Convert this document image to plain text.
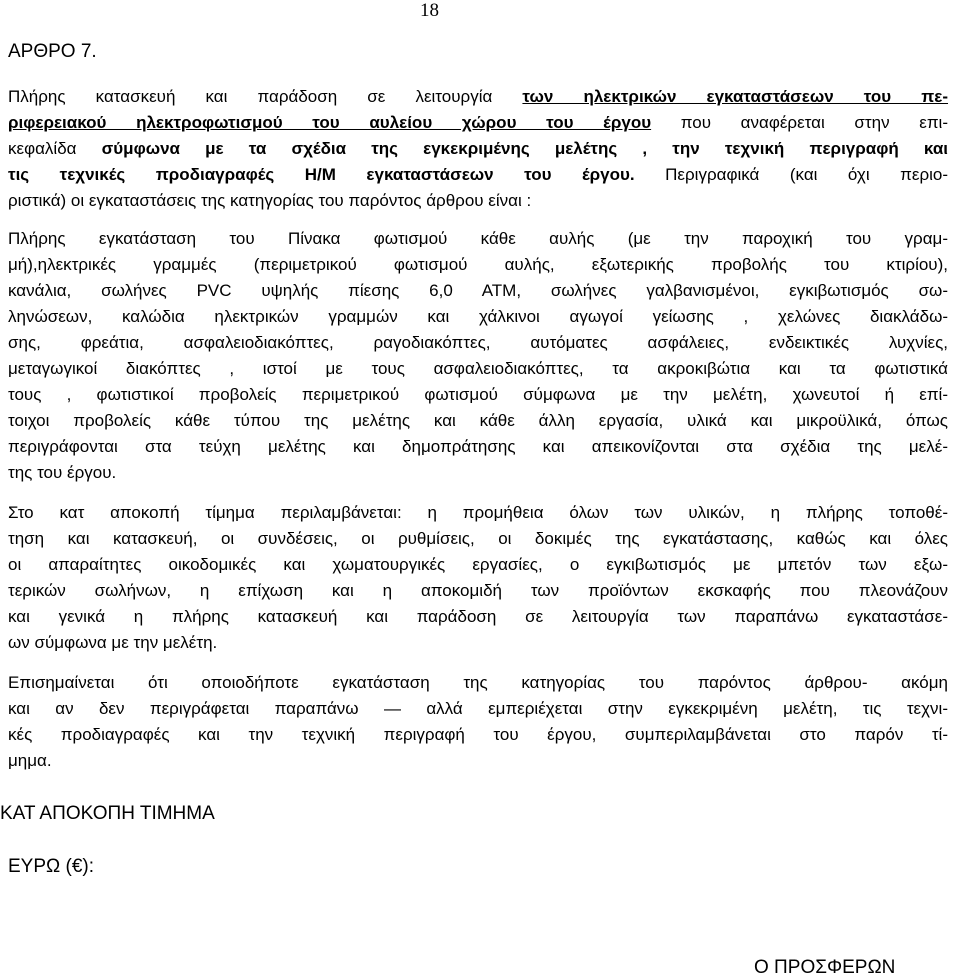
18
ΑΡΘΡΟ 7.
Πλήρης κατασκευή και παράδοση σε λειτουργία των ηλεκτρικών εγκαταστάσεων του πε-
ριφερειακού ηλεκτροφωτισμού του αυλείου χώρου του έργου που αναφέρεται στην επι-
κεφαλίδα σύμφωνα με τα σχέδια της εγκεκριμένης μελέτης , την τεχνική περιγραφή και
τις τεχνικές προδιαγραφές Η/Μ εγκαταστάσεων του έργου. Περιγραφικά (και όχι περιο-
ριστικά) οι εγκαταστάσεις της κατηγορίας του παρόντος άρθρου είναι :
Πλήρης εγκατάσταση του Πίνακα φωτισμού κάθε αυλής (με την παροχική του γραμ-
μή),ηλεκτρικές γραμμές (περιμετρικού φωτισμού αυλής, εξωτερικής προβολής του κτιρίου),
κανάλια, σωλήνες PVC υψηλής πίεσης 6,0 ΑΤΜ, σωλήνες γαλβανισμένοι, εγκιβωτισμός σω-
ληνώσεων, καλώδια ηλεκτρικών γραμμών και χάλκινοι αγωγοί γείωσης , χελώνες διακλάδω-
σης, φρεάτια, ασφαλειοδιακόπτες, ραγοδιακόπτες, αυτόματες ασφάλειες, ενδεικτικές λυχνίες,
μεταγωγικοί διακόπτες , ιστοί με τους ασφαλειοδιακόπτες, τα ακροκιβώτια και τα φωτιστικά
τους , φωτιστικοί προβολείς περιμετρικού φωτισμού σύμφωνα με την μελέτη, χωνευτοί ή επί-
τοιχοι προβολείς κάθε τύπου της μελέτης και κάθε άλλη εργασία, υλικά και μικροϋλικά, όπως
περιγράφονται στα τεύχη μελέτης και δημοπράτησης και απεικονίζονται στα σχέδια της μελέ-
της του έργου.
Στο κατ αποκοπή τίμημα περιλαμβάνεται: η προμήθεια όλων των υλικών, η πλήρης τοποθέ-
τηση και κατασκευή, οι συνδέσεις, οι ρυθμίσεις, οι δοκιμές της εγκατάστασης, καθώς και όλες
οι απαραίτητες οικοδομικές και χωματουργικές εργασίες, ο εγκιβωτισμός με μπετόν των εξω-
τερικών σωλήνων, η επίχωση και η αποκομιδή των προϊόντων εκσκαφής που πλεονάζουν
και γενικά η πλήρης κατασκευή και παράδοση σε λειτουργία των παραπάνω εγκαταστάσε-
ων σύμφωνα με την μελέτη.
Επισημαίνεται ότι οποιοδήποτε εγκατάσταση της κατηγορίας του παρόντος άρθρου- ακόμη
και αν δεν περιγράφεται παραπάνω — αλλά εμπεριέχεται στην εγκεκριμένη μελέτη, τις τεχνι-
κές προδιαγραφές και την τεχνική περιγραφή του έργου, συμπεριλαμβάνεται στο παρόν τί-
μημα.
ΚΑΤ ΑΠΟΚΟΠΗ ΤΙΜΗΜΑ
ΕΥΡΩ (€):
Ο ΠΡΟΣΦΕΡΩΝ
